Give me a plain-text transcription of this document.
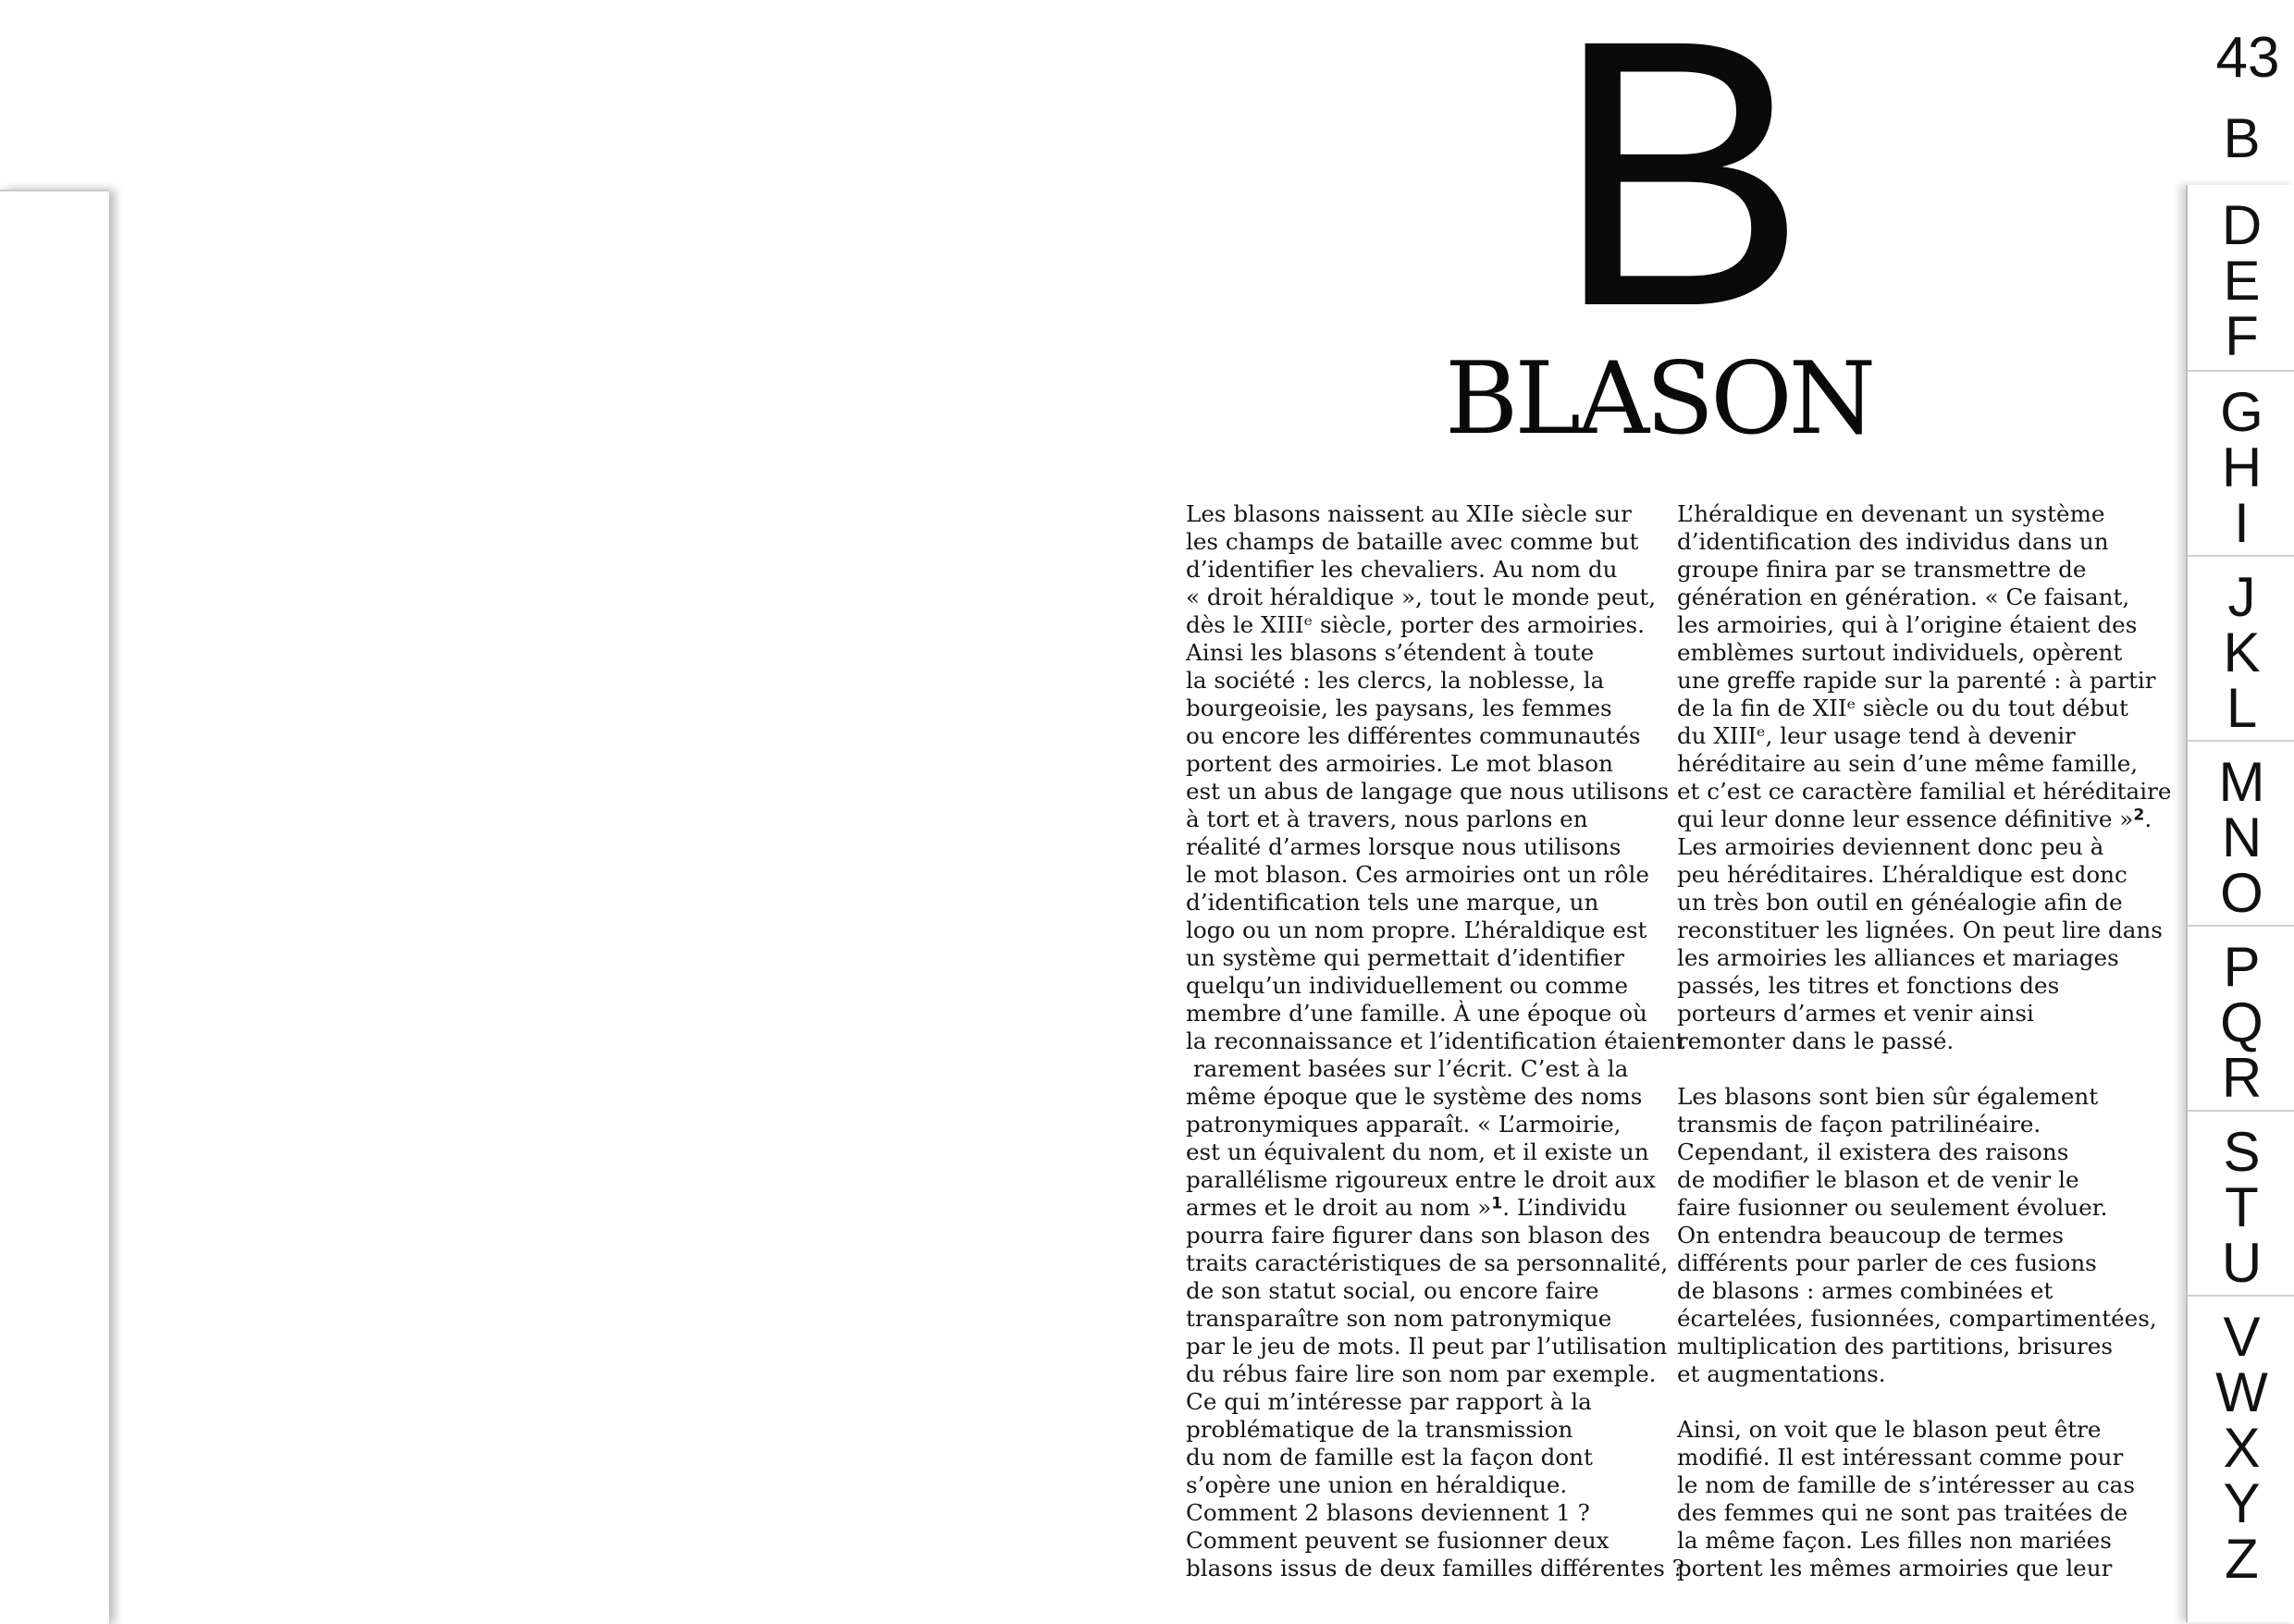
B
BLASON
Les blasons naissent au XIIe siècle sur
les champs de bataille avec comme but
d’identifier les chevaliers. Au nom du
« droit héraldique », tout le monde peut,
dès le XIIIᵉ siècle, porter des armoiries.
Ainsi les blasons s’étendent à toute
la société : les clercs, la noblesse, la
bourgeoisie, les paysans, les femmes
ou encore les différentes communautés
portent des armoiries. Le mot blason
est un abus de langage que nous utilisons
à tort et à travers, nous parlons en
réalité d’armes lorsque nous utilisons
le mot blason. Ces armoiries ont un rôle
d’identification tels une marque, un
logo ou un nom propre. L’héraldique est
un système qui permettait d’identifier
quelqu’un individuellement ou comme
membre d’une famille. À une époque où
la reconnaissance et l’identification étaient
rarement basées sur l’écrit. C’est à la
même époque que le système des noms
patronymiques apparaît. « L’armoirie,
est un équivalent du nom, et il existe un
parallélisme rigoureux entre le droit aux
armes et le droit au nom »$^1$. L’individu
pourra faire figurer dans son blason des
traits caractéristiques de sa personnalité,
de son statut social, ou encore faire
transparaître son nom patronymique
par le jeu de mots. Il peut par l’utilisation
du rébus faire lire son nom par exemple.
Ce qui m’intéresse par rapport à la
problématique de la transmission
du nom de famille est la façon dont
s’opère une union en héraldique.
Comment 2 blasons deviennent 1 ?
Comment peuvent se fusionner deux
blasons issus de deux familles différentes ?
L’héraldique en devenant un système
d’identification des individus dans un
groupe finira par se transmettre de
génération en génération. « Ce faisant,
les armoiries, qui à l’origine étaient des
emblèmes surtout individuels, opèrent
une greffe rapide sur la parenté : à partir
de la fin de XIIᵉ siècle ou du tout début
du XIIIᵉ, leur usage tend à devenir
héréditaire au sein d’une même famille,
et c’est ce caractère familial et héréditaire
qui leur donne leur essence définitive »$^2$.
Les armoiries deviennent donc peu à
peu héréditaires. L’héraldique est donc
un très bon outil en généalogie afin de
reconstituer les lignées. On peut lire dans
les armoiries les alliances et mariages
passés, les titres et fonctions des
porteurs d’armes et venir ainsi
remonter dans le passé.
Les blasons sont bien sûr également
transmis de façon patrilinéaire.
Cependant, il existera des raisons
de modifier le blason et de venir le
faire fusionner ou seulement évoluer.
On entendra beaucoup de termes
différents pour parler de ces fusions
de blasons : armes combinées et
écartelées, fusionnées, compartimentées,
multiplication des partitions, brisures
et augmentations.
Ainsi, on voit que le blason peut être
modifié. Il est intéressant comme pour
le nom de famille de s’intéresser au cas
des femmes qui ne sont pas traitées de
la même façon. Les filles non mariées
portent les mêmes armoiries que leur
43
B
D
E
F
G
H
I
J
K
L
M
N
O
P
Q
R
S
T
U
V
W
X
Y
Z
